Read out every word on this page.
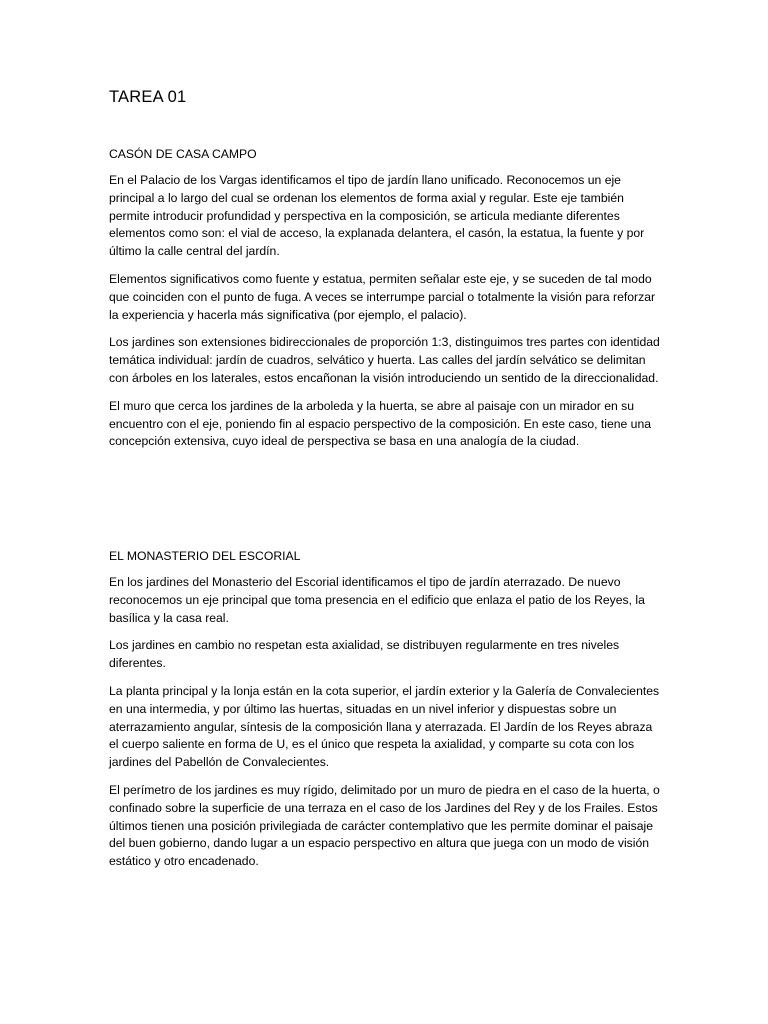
TAREA 01
CASÓN DE CASA CAMPO

En el Palacio de los Vargas identificamos el tipo de jardín llano unificado. Reconocemos un eje principal a lo largo del cual se ordenan los elementos de forma axial y regular. Este eje también permite introducir profundidad y perspectiva en la composición, se articula mediante diferentes elementos como son: el vial de acceso, la explanada delantera, el casón, la estatua, la fuente y por último la calle central del jardín.

Elementos significativos como fuente y estatua, permiten señalar este eje, y se suceden de tal modo que coinciden con el punto de fuga. A veces se interrumpe parcial o totalmente la visión para reforzar la experiencia y hacerla más significativa (por ejemplo, el palacio).

Los jardines son extensiones bidireccionales de proporción 1:3, distinguimos tres partes con identidad temática individual: jardín de cuadros, selvático y huerta. Las calles del jardín selvático se delimitan con árboles en los laterales, estos encañonan la visión introduciendo un sentido de la direccionalidad.

El muro que cerca los jardines de la arboleda y la huerta, se abre al paisaje con un mirador en su encuentro con el eje, poniendo fin al espacio perspectivo de la composición. En este caso, tiene una concepción extensiva, cuyo ideal de perspectiva se basa en una analogía de la ciudad.

EL MONASTERIO DEL ESCORIAL

En los jardines del Monasterio del Escorial identificamos el tipo de jardín aterrazado. De nuevo reconocemos un eje principal que toma presencia en el edificio que enlaza el patio de los Reyes, la basílica y la casa real.

Los jardines en cambio no respetan esta axialidad, se distribuyen regularmente en tres niveles diferentes.

La planta principal y la lonja están en la cota superior, el jardín exterior y la Galería de Convalecientes en una intermedia, y por último las huertas, situadas en un nivel inferior y dispuestas sobre un aterrazamiento angular, síntesis de la composición llana y aterrazada. El Jardín de los Reyes abraza el cuerpo saliente en forma de U, es el único que respeta la axialidad, y comparte su cota con los jardines del Pabellón de Convalecientes.

El perímetro de los jardines es muy rígido, delimitado por un muro de piedra en el caso de la huerta, o confinado sobre la superficie de una terraza en el caso de los Jardines del Rey y de los Frailes. Estos últimos tienen una posición privilegiada de carácter contemplativo que les permite dominar el paisaje del buen gobierno, dando lugar a un espacio perspectivo en altura que juega con un modo de visión estático y otro encadenado.
